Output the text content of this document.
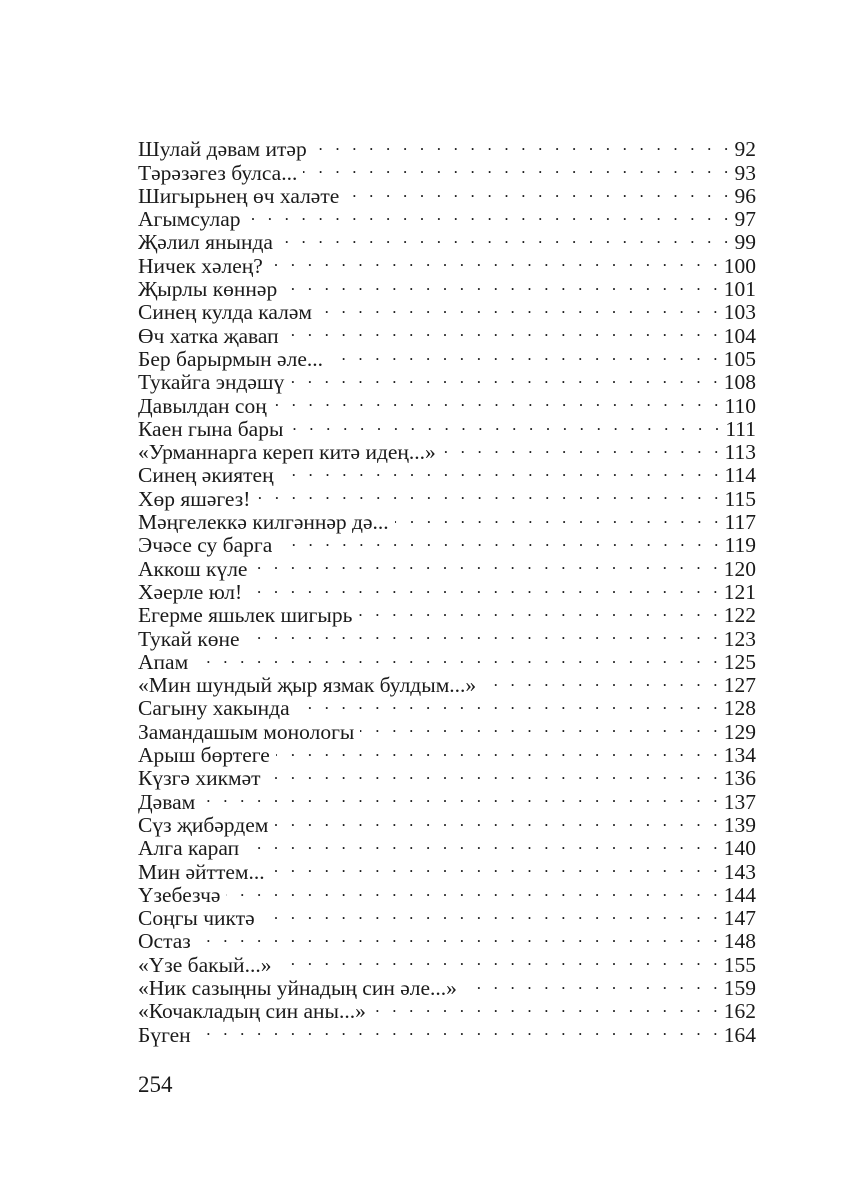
Шулай дәвам итәр . . .	92
Тәрәзәгез булса... . . .	93
Шигырьнең өч халәте . . .	96
Агымсулар . . .	97
Җәлил янында . . .	99
Ничек хәлең? . . .	100
Җырлы көннәр . . .	101
Синең кулда каләм . . .	103
Өч хатка җавап . . .	104
Бер барырмын әле... . . .	105
Тукайга эндәшү . . .	108
Давылдан соң . . .	110
Каен гына бары . . .	111
«Урманнарга кереп китә идең...» . . .	113
Синең әкиятең . . .	114
Хөр яшәгез! . . .	115
Мәңгелеккә килгәннәр дә... . . .	117
Эчәсе су барга . . .	119
Аккош күле . . .	120
Хәерле юл! . . .	121
Егерме яшьлек шигырь . . .	122
Тукай көне . . .	123
Апам . . .	125
«Мин шундый җыр язмак булдым...» . . .	127
Сагыну хакында . . .	128
Замандашым монологы . . .	129
Арыш бөртеге . . .	134
Күзгә хикмәт . . .	136
Дәвам . . .	137
Сүз җибәрдем . . .	139
Алга карап . . .	140
Мин әйттем... . . .	143
Үзебезчә . . .	144
Соңгы чиктә . . .	147
Остаз . . .	148
«Үзе бакый...» . . .	155
«Ник сазыңны уйнадың син әле...» . . .	159
«Кочакладың син аны...» . . .	162
Бүген . . .	164
254
